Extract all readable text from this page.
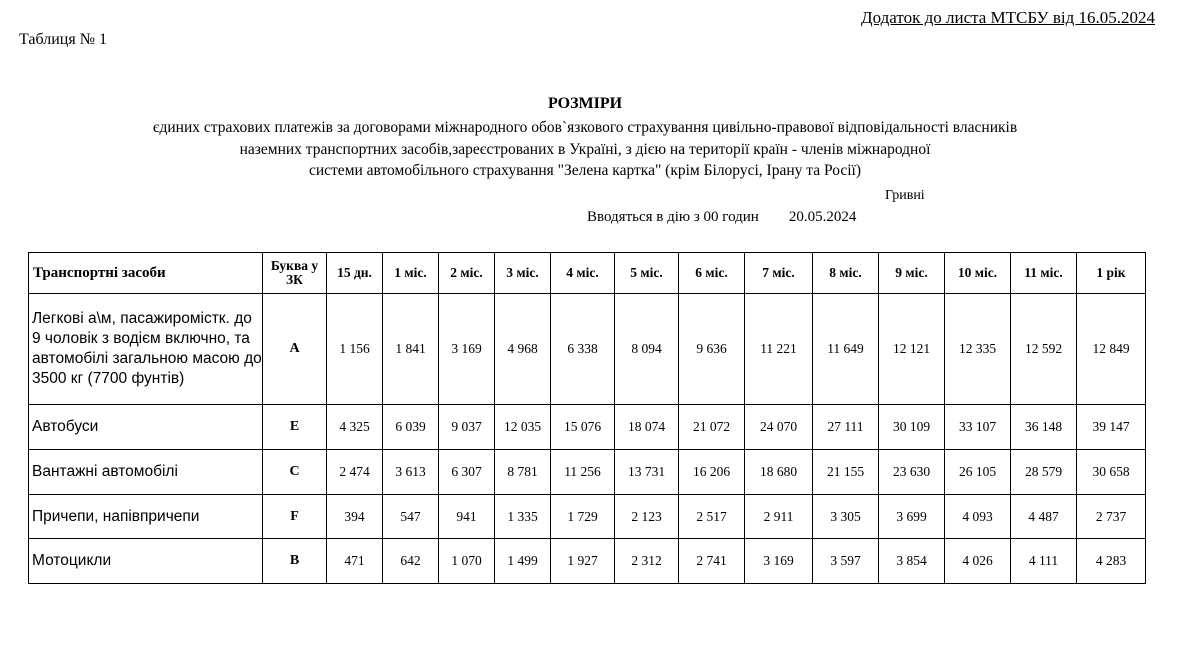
Додаток до листа МТСБУ від 16.05.2024
Таблиця № 1
РОЗМІРИ
єдиних страхових платежів за договорами міжнародного обов`язкового страхування цивільно-правової відповідальності власників
наземних транспортних засобів,зареєстрованих в Україні, з дією на території країн - членів міжнародної
системи автомобільного страхування "Зелена картка" (крім Білорусі, Ірану та Росії)
Гривні
Вводяться в дію з 00 годин 20.05.2024
Транспортні засоби	Буква у ЗК	15 дн.	1 міс.	2 міс.	3 міс.	4 міс.	5 міс.	6 міс.	7 міс.	8 міс.	9 міс.	10 міс.	11 міс.	1 рік
Легкові а\м, пасажиромістк. до 9 чоловік з водієм включно, та автомобілі загальною масою до 3500 кг (7700 фунтів)	A	1 156	1 841	3 169	4 968	6 338	8 094	9 636	11 221	11 649	12 121	12 335	12 592	12 849
Автобуси	E	4 325	6 039	9 037	12 035	15 076	18 074	21 072	24 070	27 111	30 109	33 107	36 148	39 147
Вантажні автомобілі	C	2 474	3 613	6 307	8 781	11 256	13 731	16 206	18 680	21 155	23 630	26 105	28 579	30 658
Причепи, напівпричепи	F	394	547	941	1 335	1 729	2 123	2 517	2 911	3 305	3 699	4 093	4 487	2 737
Мотоцикли	B	471	642	1 070	1 499	1 927	2 312	2 741	3 169	3 597	3 854	4 026	4 111	4 283
